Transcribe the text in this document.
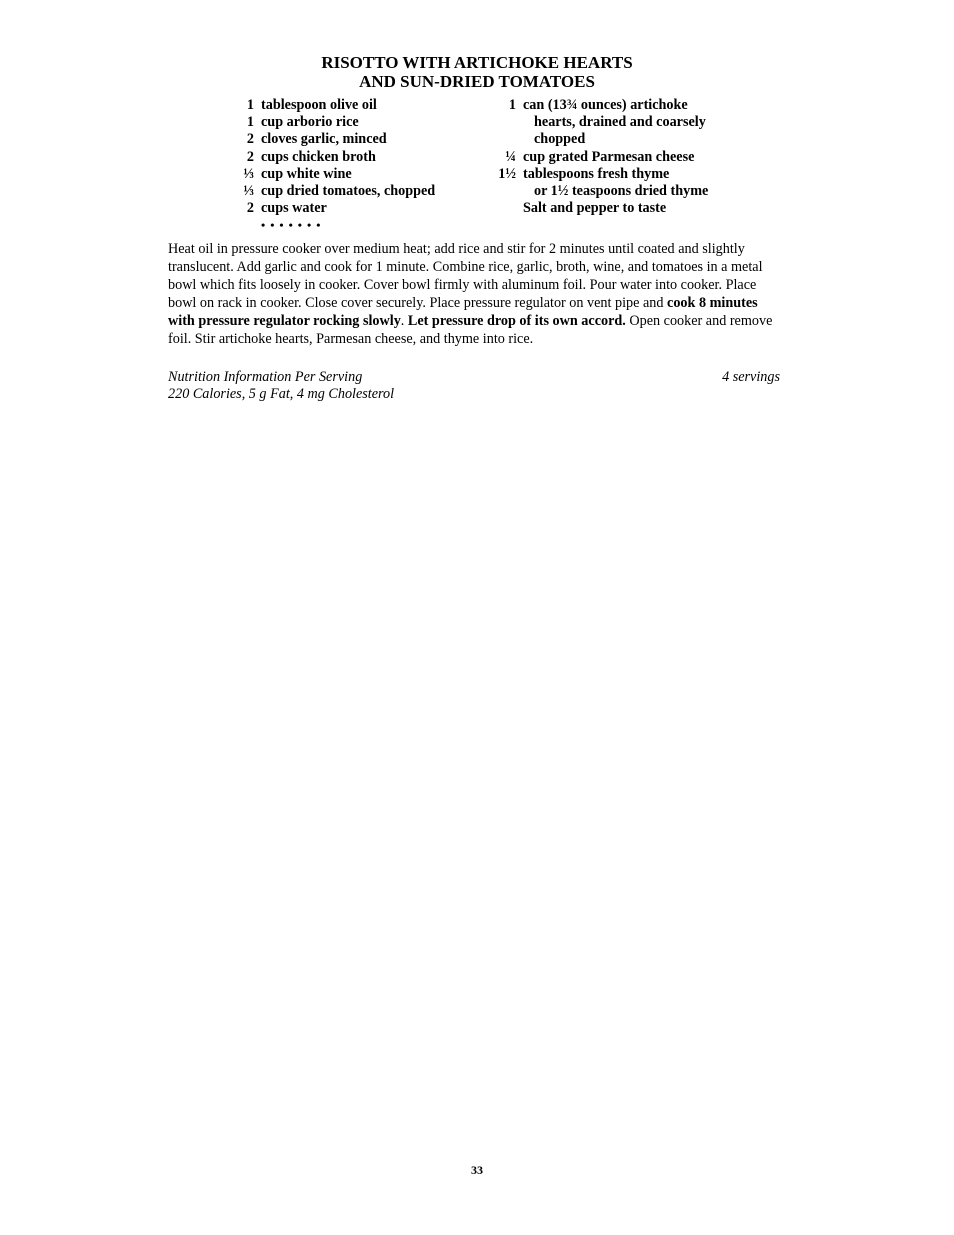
RISOTTO WITH ARTICHOKE HEARTS
AND SUN-DRIED TOMATOES
1 tablespoon olive oil
1 cup arborio rice
2 cloves garlic, minced
2 cups chicken broth
⅓ cup white wine
⅓ cup dried tomatoes, chopped
2 cups water
• • • • • • •
1 can (13¾ ounces) artichoke
hearts, drained and coarsely
chopped
¼ cup grated Parmesan cheese
1½ tablespoons fresh thyme
or 1½ teaspoons dried thyme
Salt and pepper to taste
Heat oil in pressure cooker over medium heat; add rice and stir for 2 minutes until coated and slightly translucent. Add garlic and cook for 1 minute. Combine rice, garlic, broth, wine, and tomatoes in a metal bowl which fits loosely in cooker. Cover bowl firmly with aluminum foil. Pour water into cooker. Place bowl on rack in cooker. Close cover securely. Place pressure regulator on vent pipe and cook 8 minutes with pressure regulator rocking slowly. Let pressure drop of its own accord. Open cooker and remove foil. Stir artichoke hearts, Parmesan cheese, and thyme into rice.
Nutrition Information Per Serving	4 servings
220 Calories, 5 g Fat, 4 mg Cholesterol
33
